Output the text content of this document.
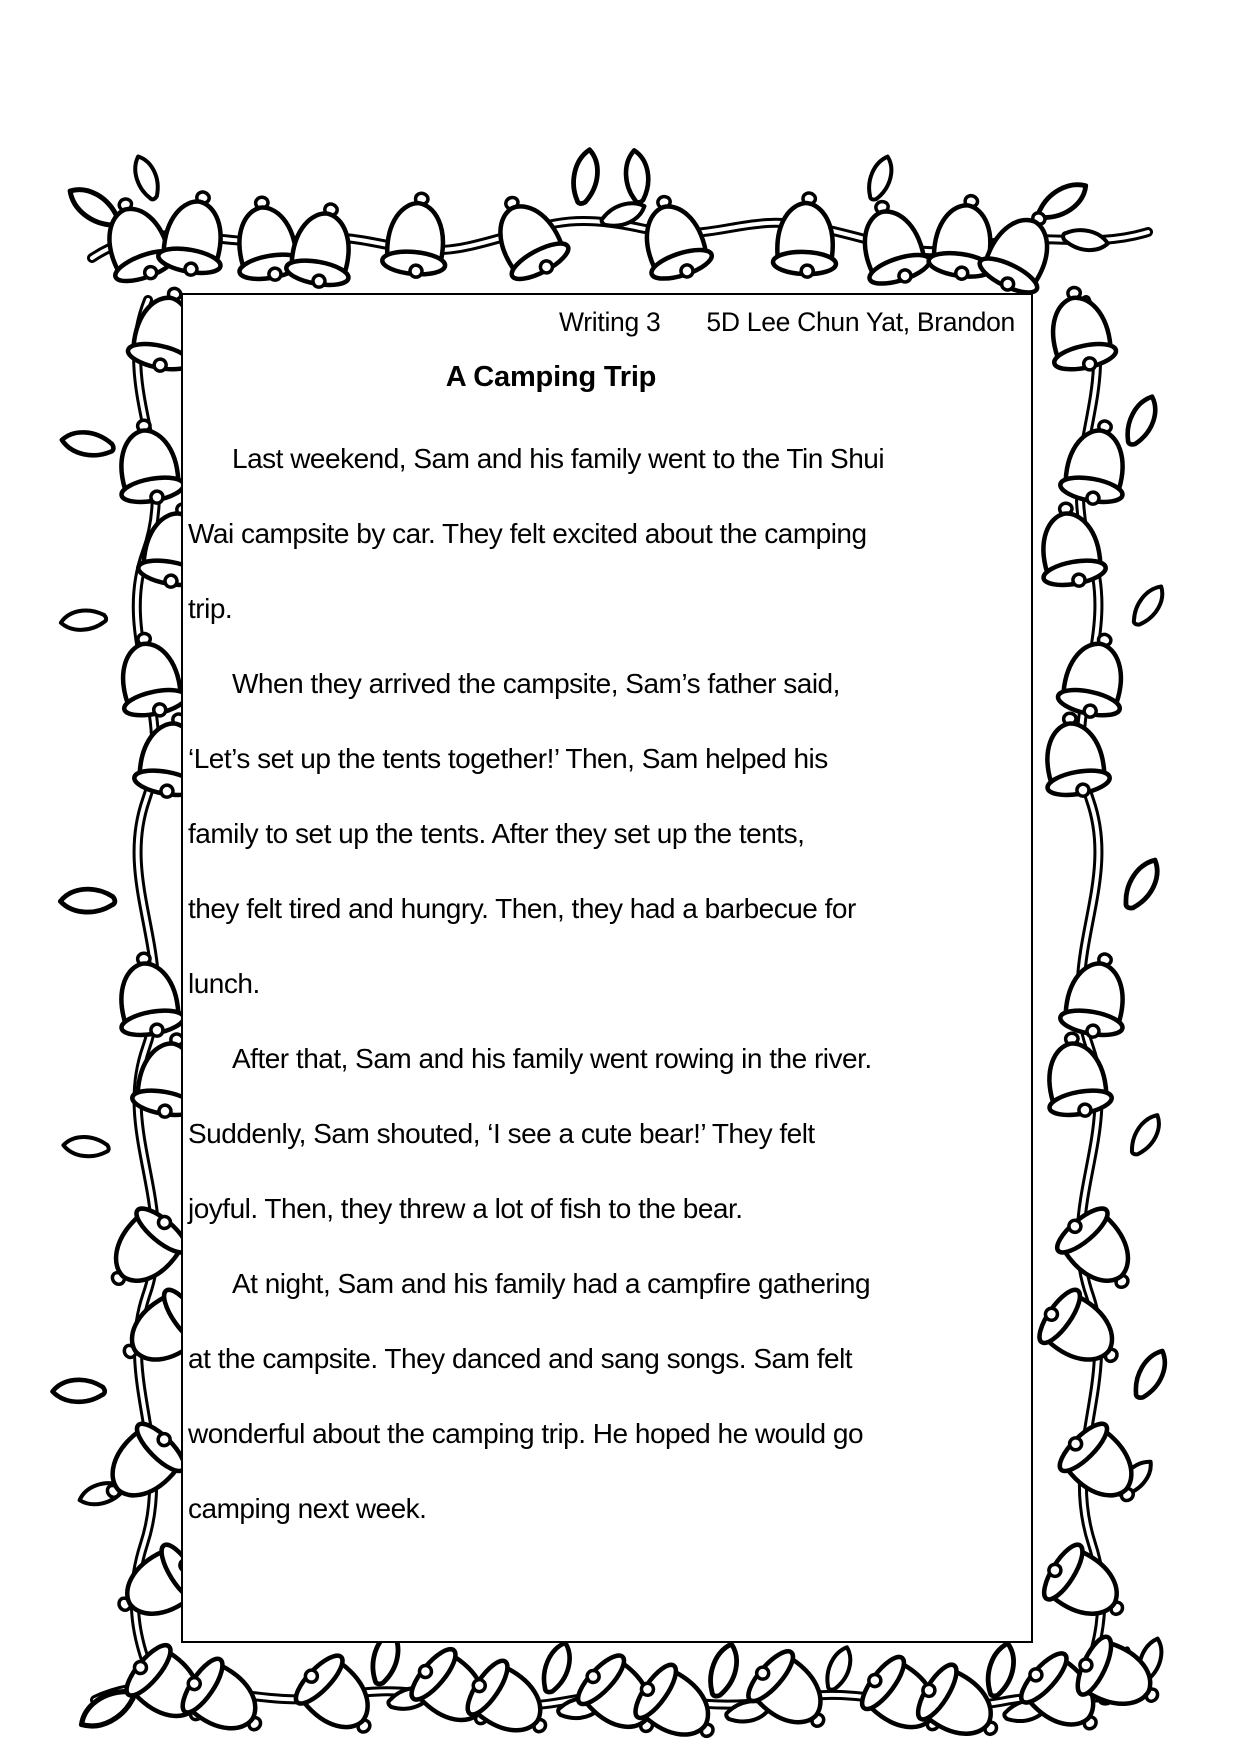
Writing 3 5D Lee Chun Yat, Brandon
A Camping Trip
Last weekend, Sam and his family went to the Tin Shui
Wai campsite by car. They felt excited about the camping
trip.
When they arrived the campsite, Sam’s father said,
‘Let’s set up the tents together!’ Then, Sam helped his
family to set up the tents. After they set up the tents,
they felt tired and hungry. Then, they had a barbecue for
lunch.
After that, Sam and his family went rowing in the river.
Suddenly, Sam shouted, ‘I see a cute bear!’ They felt
joyful. Then, they threw a lot of fish to the bear.
At night, Sam and his family had a campfire gathering
at the campsite. They danced and sang songs. Sam felt
wonderful about the camping trip. He hoped he would go
camping next week.
